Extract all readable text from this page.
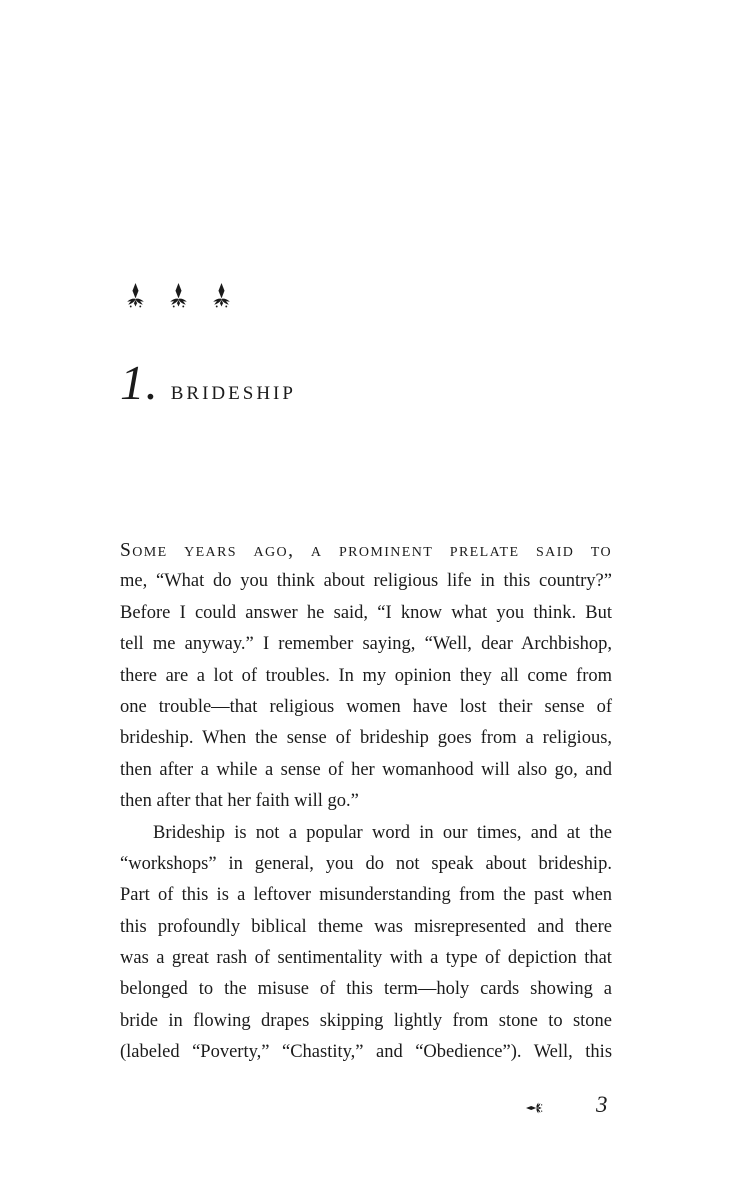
1. BRIDESHIP
Some years ago, a prominent prelate said to
me, “What do you think about religious life in this country?”
Before I could answer he said, “I know what you think. But
tell me anyway.” I remember saying, “Well, dear Archbishop,
there are a lot of troubles. In my opinion they all come from
one trouble—that religious women have lost their sense of
brideship. When the sense of brideship goes from a religious,
then after a while a sense of her womanhood will also go, and
then after that her faith will go.”
Brideship is not a popular word in our times, and at the
“workshops” in general, you do not speak about brideship.
Part of this is a leftover misunderstanding from the past when
this profoundly biblical theme was misrepresented and there
was a great rash of sentimentality with a type of depiction that
belonged to the misuse of this term—holy cards showing a
bride in flowing drapes skipping lightly from stone to stone
(labeled “Poverty,” “Chastity,” and “Obedience”). Well, this
3
